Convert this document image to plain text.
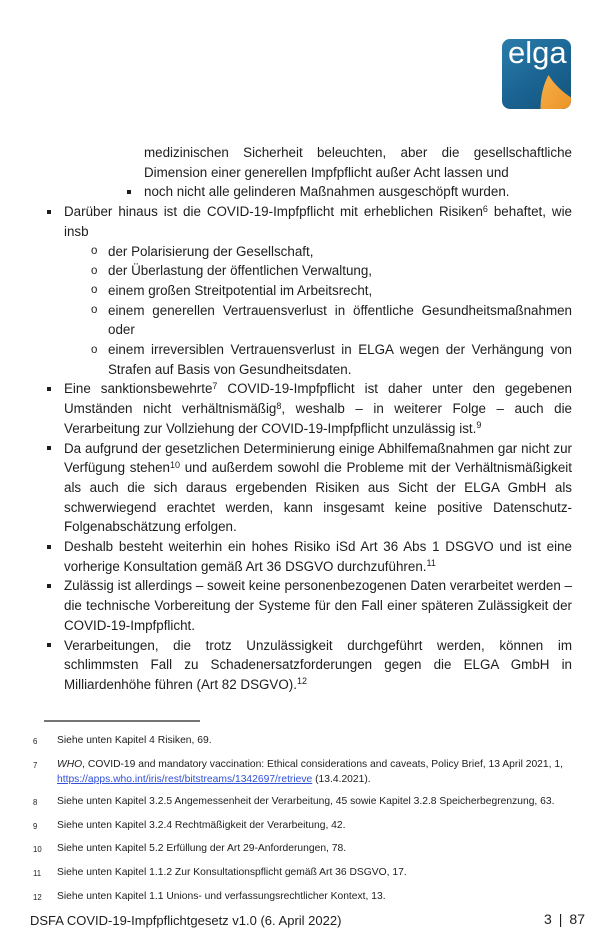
elga
medizinischen Sicherheit beleuchten, aber die gesellschaftliche Dimension einer generellen Impfpflicht außer Acht lassen und
noch nicht alle gelinderen Maßnahmen ausgeschöpft wurden.
Darüber hinaus ist die COVID-19-Impfpflicht mit erheblichen Risiken$^6$ behaftet, wie insb
o der Polarisierung der Gesellschaft,
o der Überlastung der öffentlichen Verwaltung,
o einem großen Streitpotential im Arbeitsrecht,
o einem generellen Vertrauensverlust in öffentliche Gesundheitsmaßnahmen oder
o einem irreversiblen Vertrauensverlust in ELGA wegen der Verhängung von Strafen auf Basis von Gesundheitsdaten.
Eine sanktionsbewehrte$^7$ COVID-19-Impfpflicht ist daher unter den gegebenen Umständen nicht verhältnismäßig$^8$, weshalb – in weiterer Folge – auch die Verarbeitung zur Vollziehung der COVID-19-Impfpflicht unzulässig ist.$^9$
Da aufgrund der gesetzlichen Determinierung einige Abhilfemaßnahmen gar nicht zur Verfügung stehen$^{10}$ und außerdem sowohl die Probleme mit der Verhältnismäßigkeit als auch die sich daraus ergebenden Risiken aus Sicht der ELGA GmbH als schwerwiegend erachtet werden, kann insgesamt keine positive Datenschutz-Folgenabschätzung erfolgen.
Deshalb besteht weiterhin ein hohes Risiko iSd Art 36 Abs 1 DSGVO und ist eine vorherige Konsultation gemäß Art 36 DSGVO durchzuführen.$^{11}$
Zulässig ist allerdings – soweit keine personenbezogenen Daten verarbeitet werden – die technische Vorbereitung der Systeme für den Fall einer späteren Zulässigkeit der COVID-19-Impfpflicht.
Verarbeitungen, die trotz Unzulässigkeit durchgeführt werden, können im schlimmsten Fall zu Schadenersatzforderungen gegen die ELGA GmbH in Milliardenhöhe führen (Art 82 DSGVO).$^{12}$
6	Siehe unten Kapitel 4 Risiken, 69.
7	WHO, COVID-19 and mandatory vaccination: Ethical considerations and caveats, Policy Brief, 13 April 2021, 1, https://apps.who.int/iris/rest/bitstreams/1342697/retrieve (13.4.2021).
8	Siehe unten Kapitel 3.2.5 Angemessenheit der Verarbeitung, 45 sowie Kapitel 3.2.8 Speicherbegrenzung, 63.
9	Siehe unten Kapitel 3.2.4 Rechtmäßigkeit der Verarbeitung, 42.
10	Siehe unten Kapitel 5.2 Erfüllung der Art 29-Anforderungen, 78.
11	Siehe unten Kapitel 1.1.2 Zur Konsultationspflicht gemäß Art 36 DSGVO, 17.
12	Siehe unten Kapitel 1.1 Unions- und verfassungsrechtlicher Kontext, 13.
DSFA COVID-19-Impfpflichtgesetz v1.0 (6. April 2022)	3 | 87
